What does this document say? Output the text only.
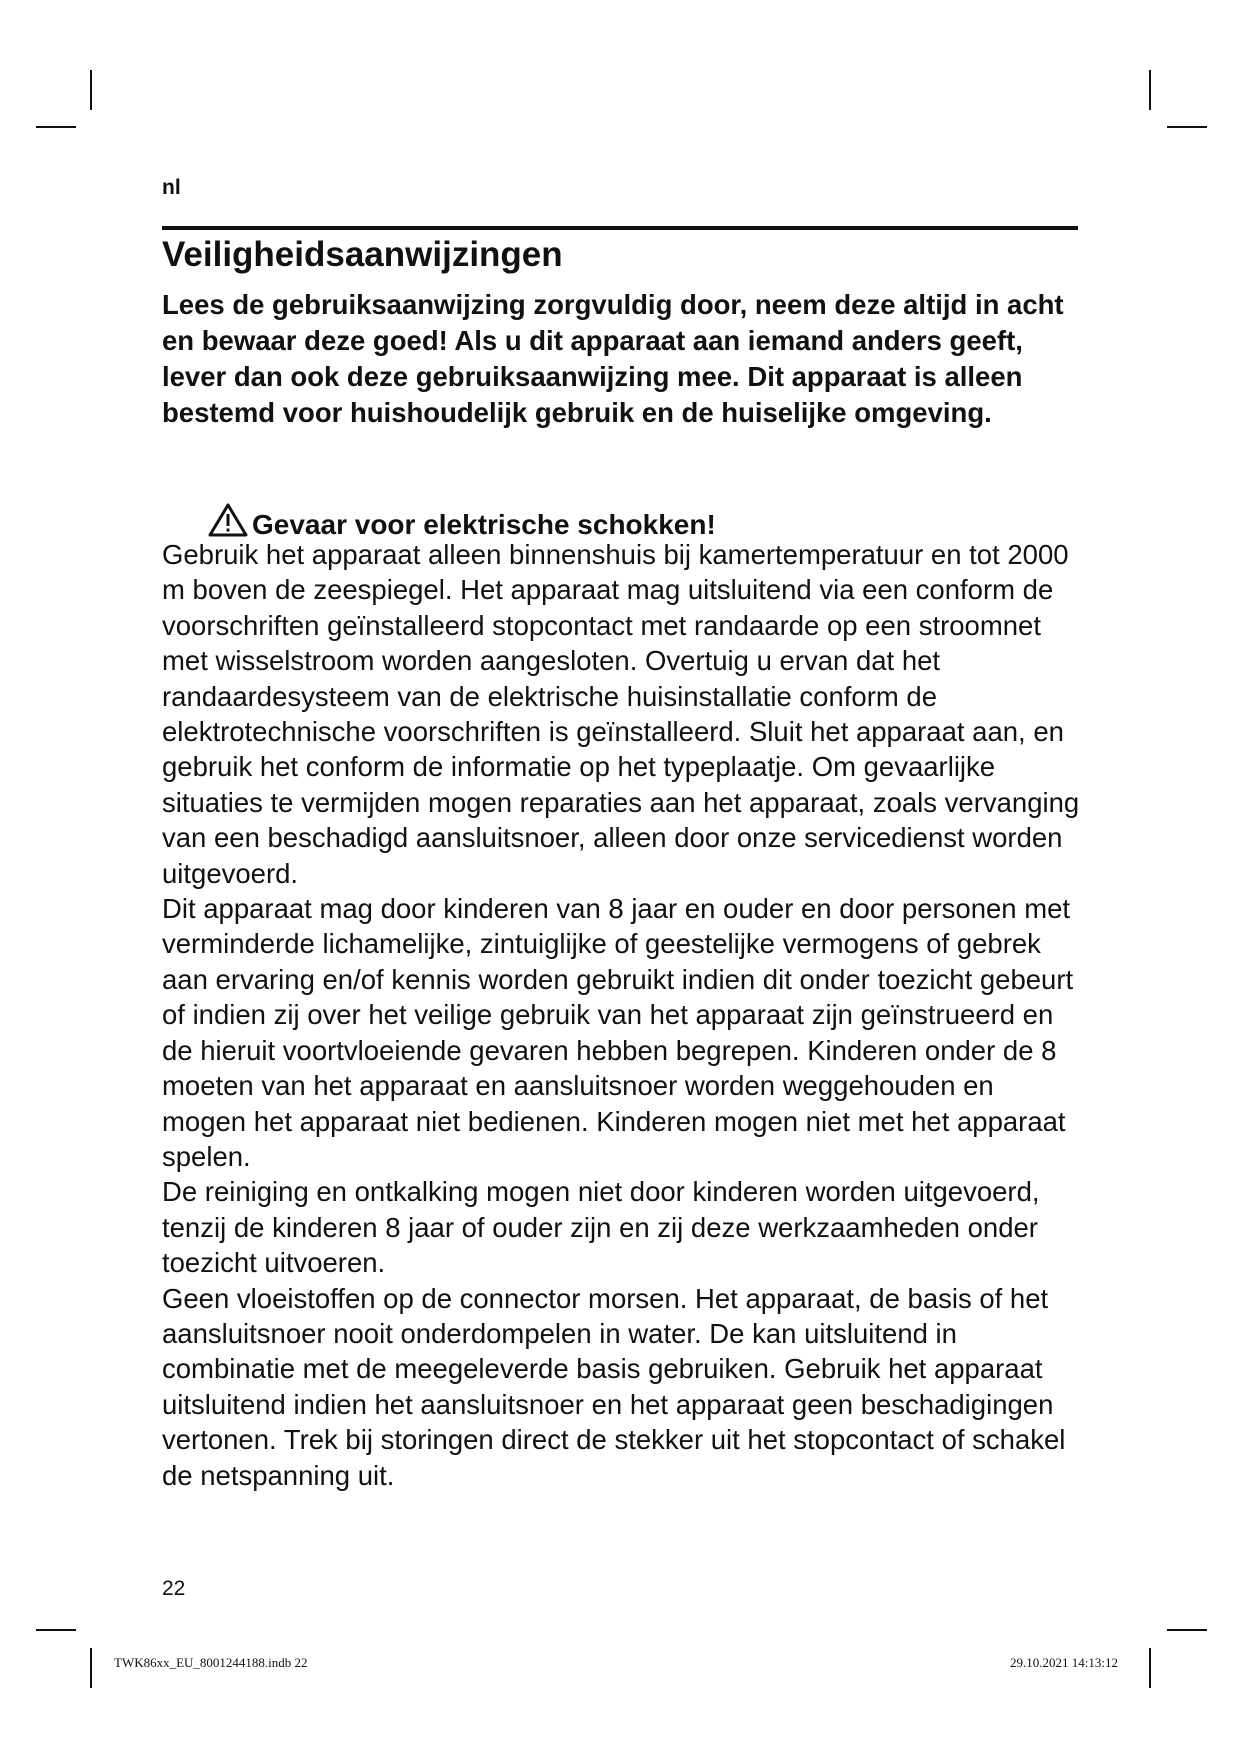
nl
Veiligheidsaanwijzingen

Lees de gebruiksaanwijzing zorgvuldig door, neem deze altijd in acht en bewaar deze goed! Als u dit apparaat aan iemand anders geeft, lever dan ook deze gebruiksaanwijzing mee. Dit apparaat is alleen bestemd voor huishoudelijk gebruik en de huiselijke omgeving.

Gevaar voor elektrische schokken!

Gebruik het apparaat alleen binnenshuis bij kamertemperatuur en tot 2000 m boven de zeespiegel. Het apparaat mag uitsluitend via een conform de voorschriften geïnstalleerd stopcontact met randaarde op een stroomnet met wisselstroom worden aangesloten. Overtuig u ervan dat het randaardesysteem van de elektrische huisinstallatie conform de elektrotechnische voorschriften is geïnstalleerd. Sluit het apparaat aan, en gebruik het conform de informatie op het typeplaatje. Om gevaarlijke situaties te vermijden mogen reparaties aan het apparaat, zoals vervanging van een beschadigd aansluitsnoer, alleen door onze servicedienst worden uitgevoerd.

Dit apparaat mag door kinderen van 8 jaar en ouder en door personen met verminderde lichamelijke, zintuiglijke of geestelijke vermogens of gebrek aan ervaring en/of kennis worden gebruikt indien dit onder toezicht gebeurt of indien zij over het veilige gebruik van het apparaat zijn geïnstrueerd en de hieruit voortvloeiende gevaren hebben begrepen. Kinderen onder de 8 moeten van het apparaat en aansluitsnoer worden weggehouden en mogen het apparaat niet bedienen. Kinderen mogen niet met het apparaat spelen.

De reiniging en ontkalking mogen niet door kinderen worden uitgevoerd, tenzij de kinderen 8 jaar of ouder zijn en zij deze werkzaamheden onder toezicht uitvoeren.

Geen vloeistoffen op de connector morsen. Het apparaat, de basis of het aansluitsnoer nooit onderdompelen in water. De kan uitsluitend in combinatie met de meegeleverde basis gebruiken. Gebruik het apparaat uitsluitend indien het aansluitsnoer en het apparaat geen beschadigingen vertonen. Trek bij storingen direct de stekker uit het stopcontact of schakel de netspanning uit.

22
TWK86xx_EU_8001244188.indb 22	29.10.2021 14:13:12
